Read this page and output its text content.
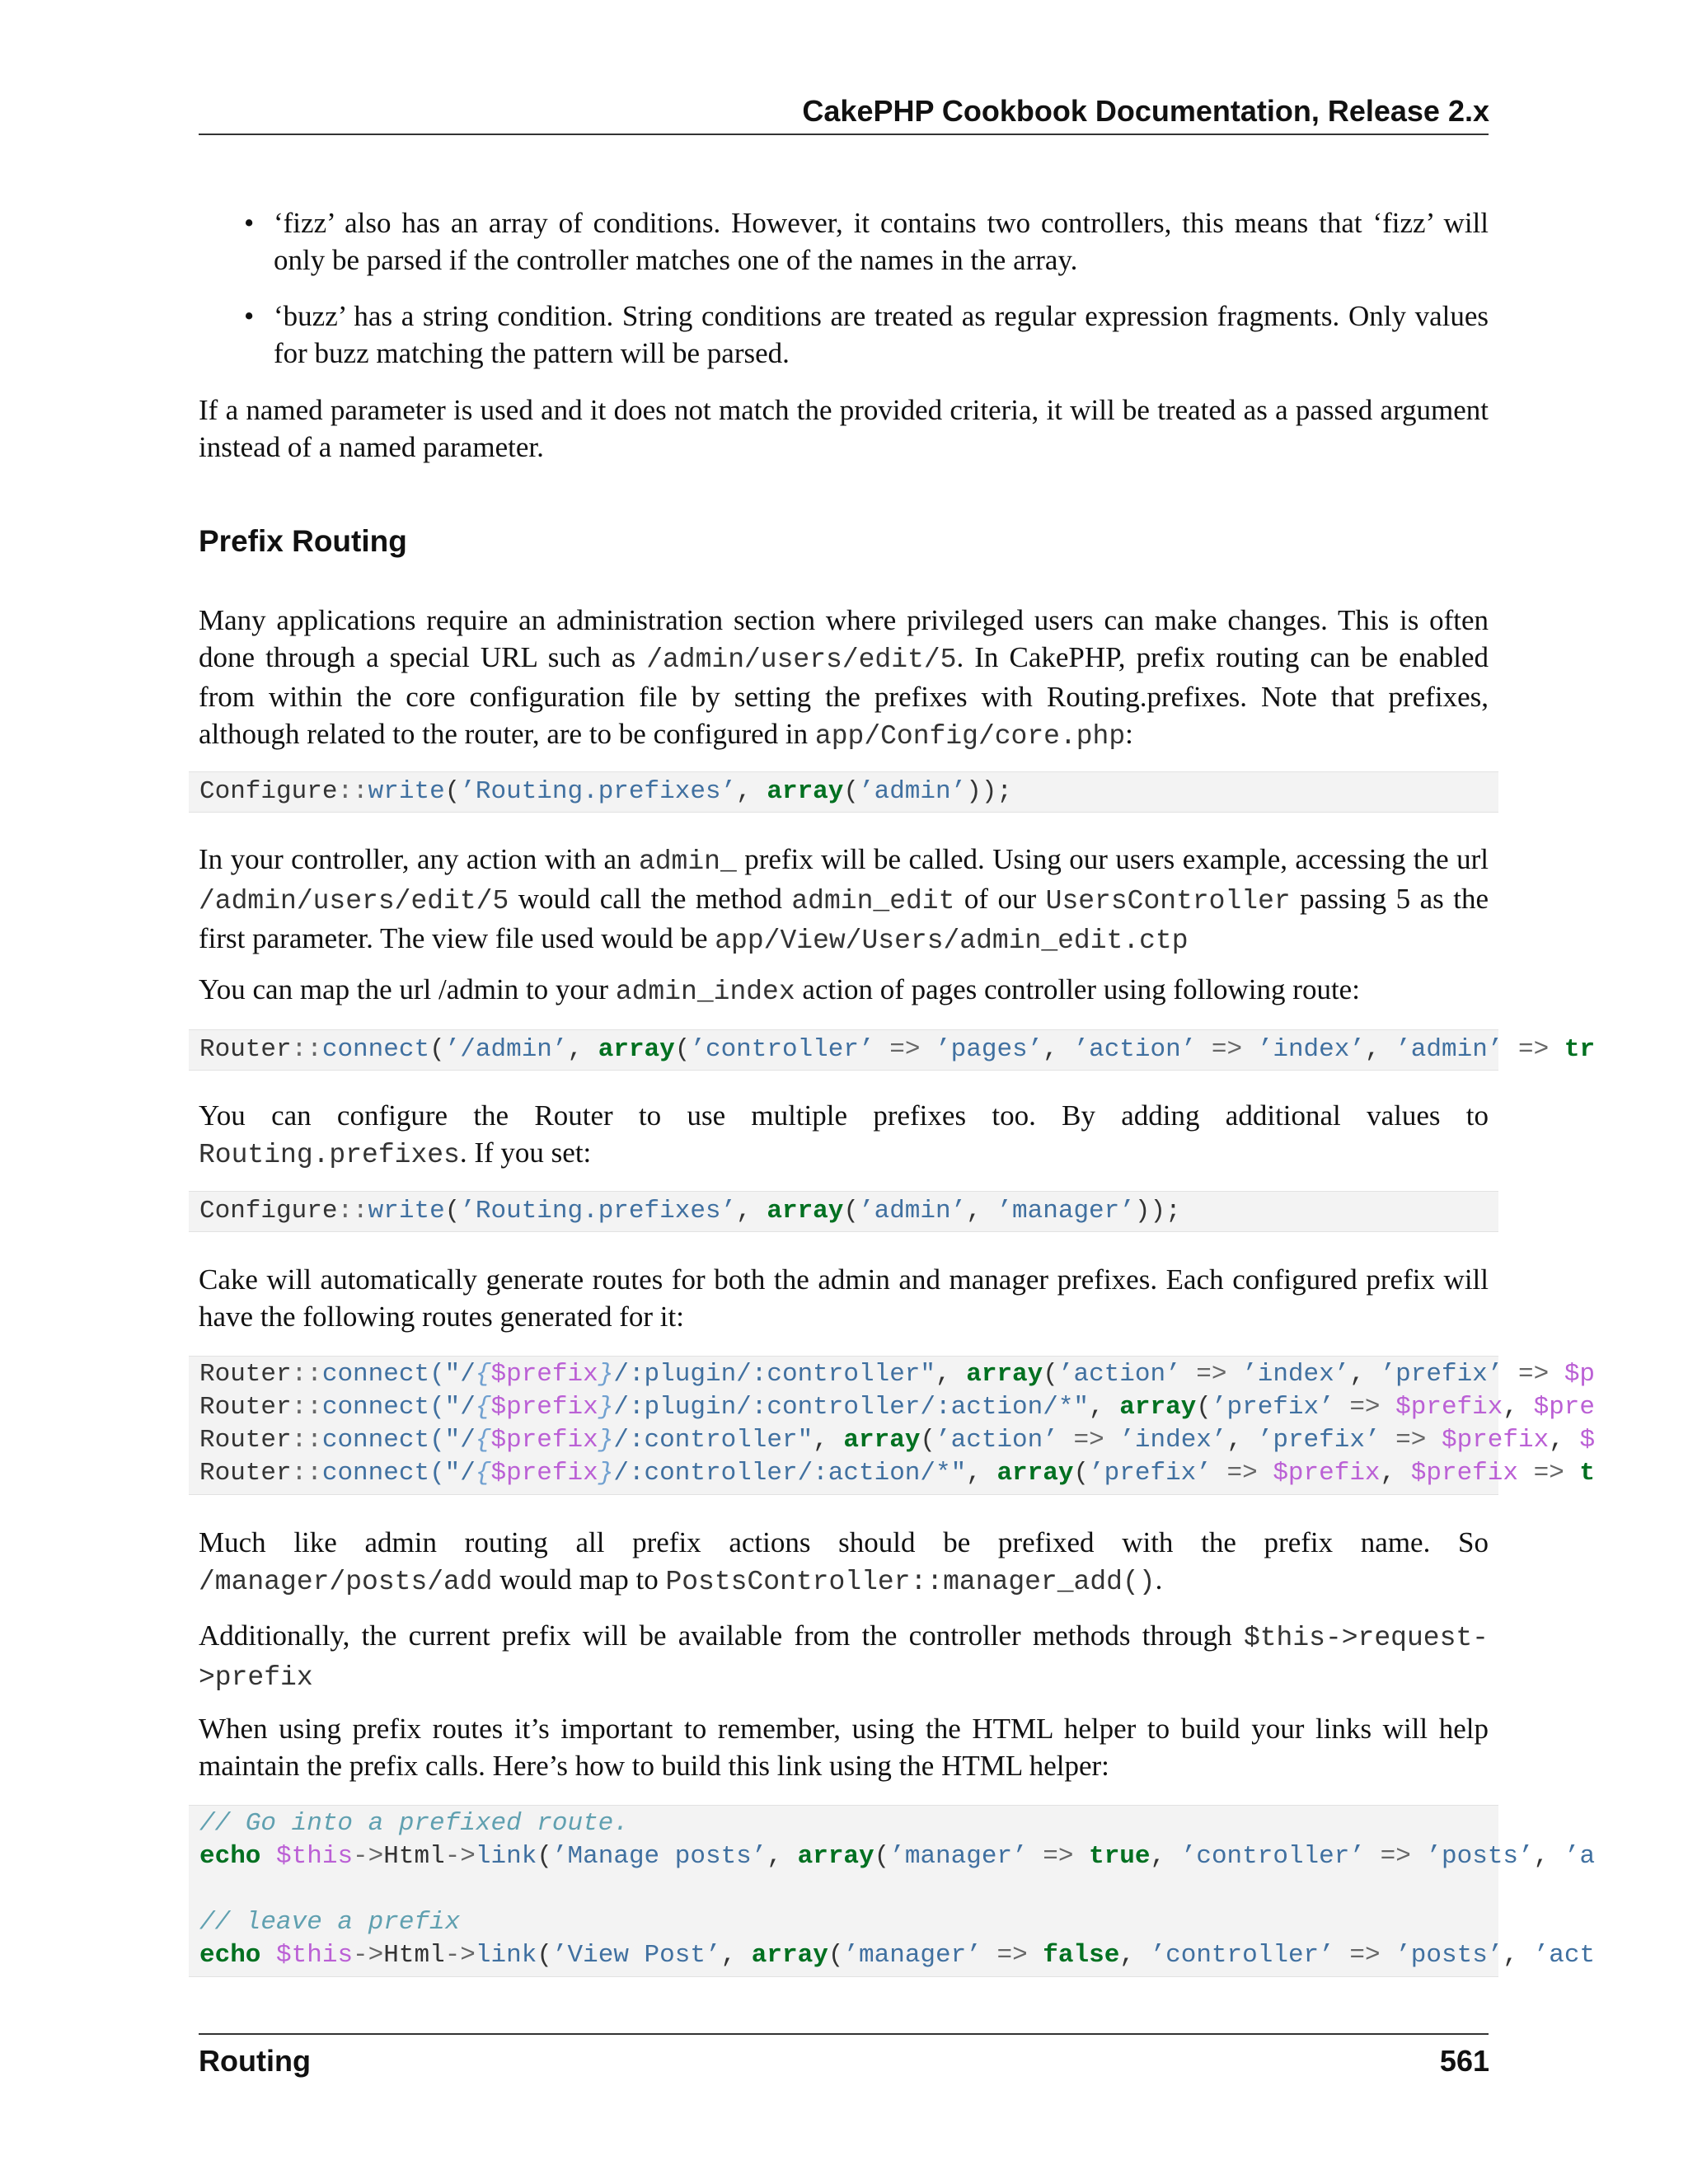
CakePHP Cookbook Documentation, Release 2.x
• ‘fizz’ also has an array of conditions. However, it contains two controllers, this means that ‘fizz’ will only be parsed if the controller matches one of the names in the array.
• ‘buzz’ has a string condition. String conditions are treated as regular expression fragments. Only values for buzz matching the pattern will be parsed.
If a named parameter is used and it does not match the provided criteria, it will be treated as a passed argument instead of a named parameter.
Prefix Routing
Many applications require an administration section where privileged users can make changes. This is often done through a special URL such as /admin/users/edit/5. In CakePHP, prefix routing can be enabled from within the core configuration file by setting the prefixes with Routing.prefixes. Note that prefixes, although related to the router, are to be configured in app/Config/core.php:
In your controller, any action with an admin_ prefix will be called. Using our users example, accessing the url /admin/users/edit/5 would call the method admin_edit of our UsersController passing 5 as the first parameter. The view file used would be app/View/Users/admin_edit.ctp
You can map the url /admin to your admin_index action of pages controller using following route:
You can configure the Router to use multiple prefixes too. By adding additional values to Routing.prefixes. If you set:
Cake will automatically generate routes for both the admin and manager prefixes. Each configured prefix will have the following routes generated for it:
Much like admin routing all prefix actions should be prefixed with the prefix name. So /manager/posts/add would map to PostsController::manager_add().
Additionally, the current prefix will be available from the controller methods through $this->request->prefix
When using prefix routes it’s important to remember, using the HTML helper to build your links will help maintain the prefix calls. Here’s how to build this link using the HTML helper:
Configure::write(’Routing.prefixes’, array(’admin’));
Router::connect(’/admin’, array(’controller’ => ’pages’, ’action’ => ’index’, ’admin’ => tr
Configure::write(’Routing.prefixes’, array(’admin’, ’manager’));
Router::connect("/{$prefix}/:plugin/:controller", array(’action’ => ’index’, ’prefix’ => $p
Router::connect("/{$prefix}/:plugin/:controller/:action/*", array(’prefix’ => $prefix, $pre
Router::connect("/{$prefix}/:controller", array(’action’ => ’index’, ’prefix’ => $prefix, $
Router::connect("/{$prefix}/:controller/:action/*", array(’prefix’ => $prefix, $prefix => t
// Go into a prefixed route.
echo $this->Html->link(’Manage posts’, array(’manager’ => true, ’controller’ => ’posts’, ’a
// leave a prefix
echo $this->Html->link(’View Post’, array(’manager’ => false, ’controller’ => ’posts’, ’act
Routing	561
